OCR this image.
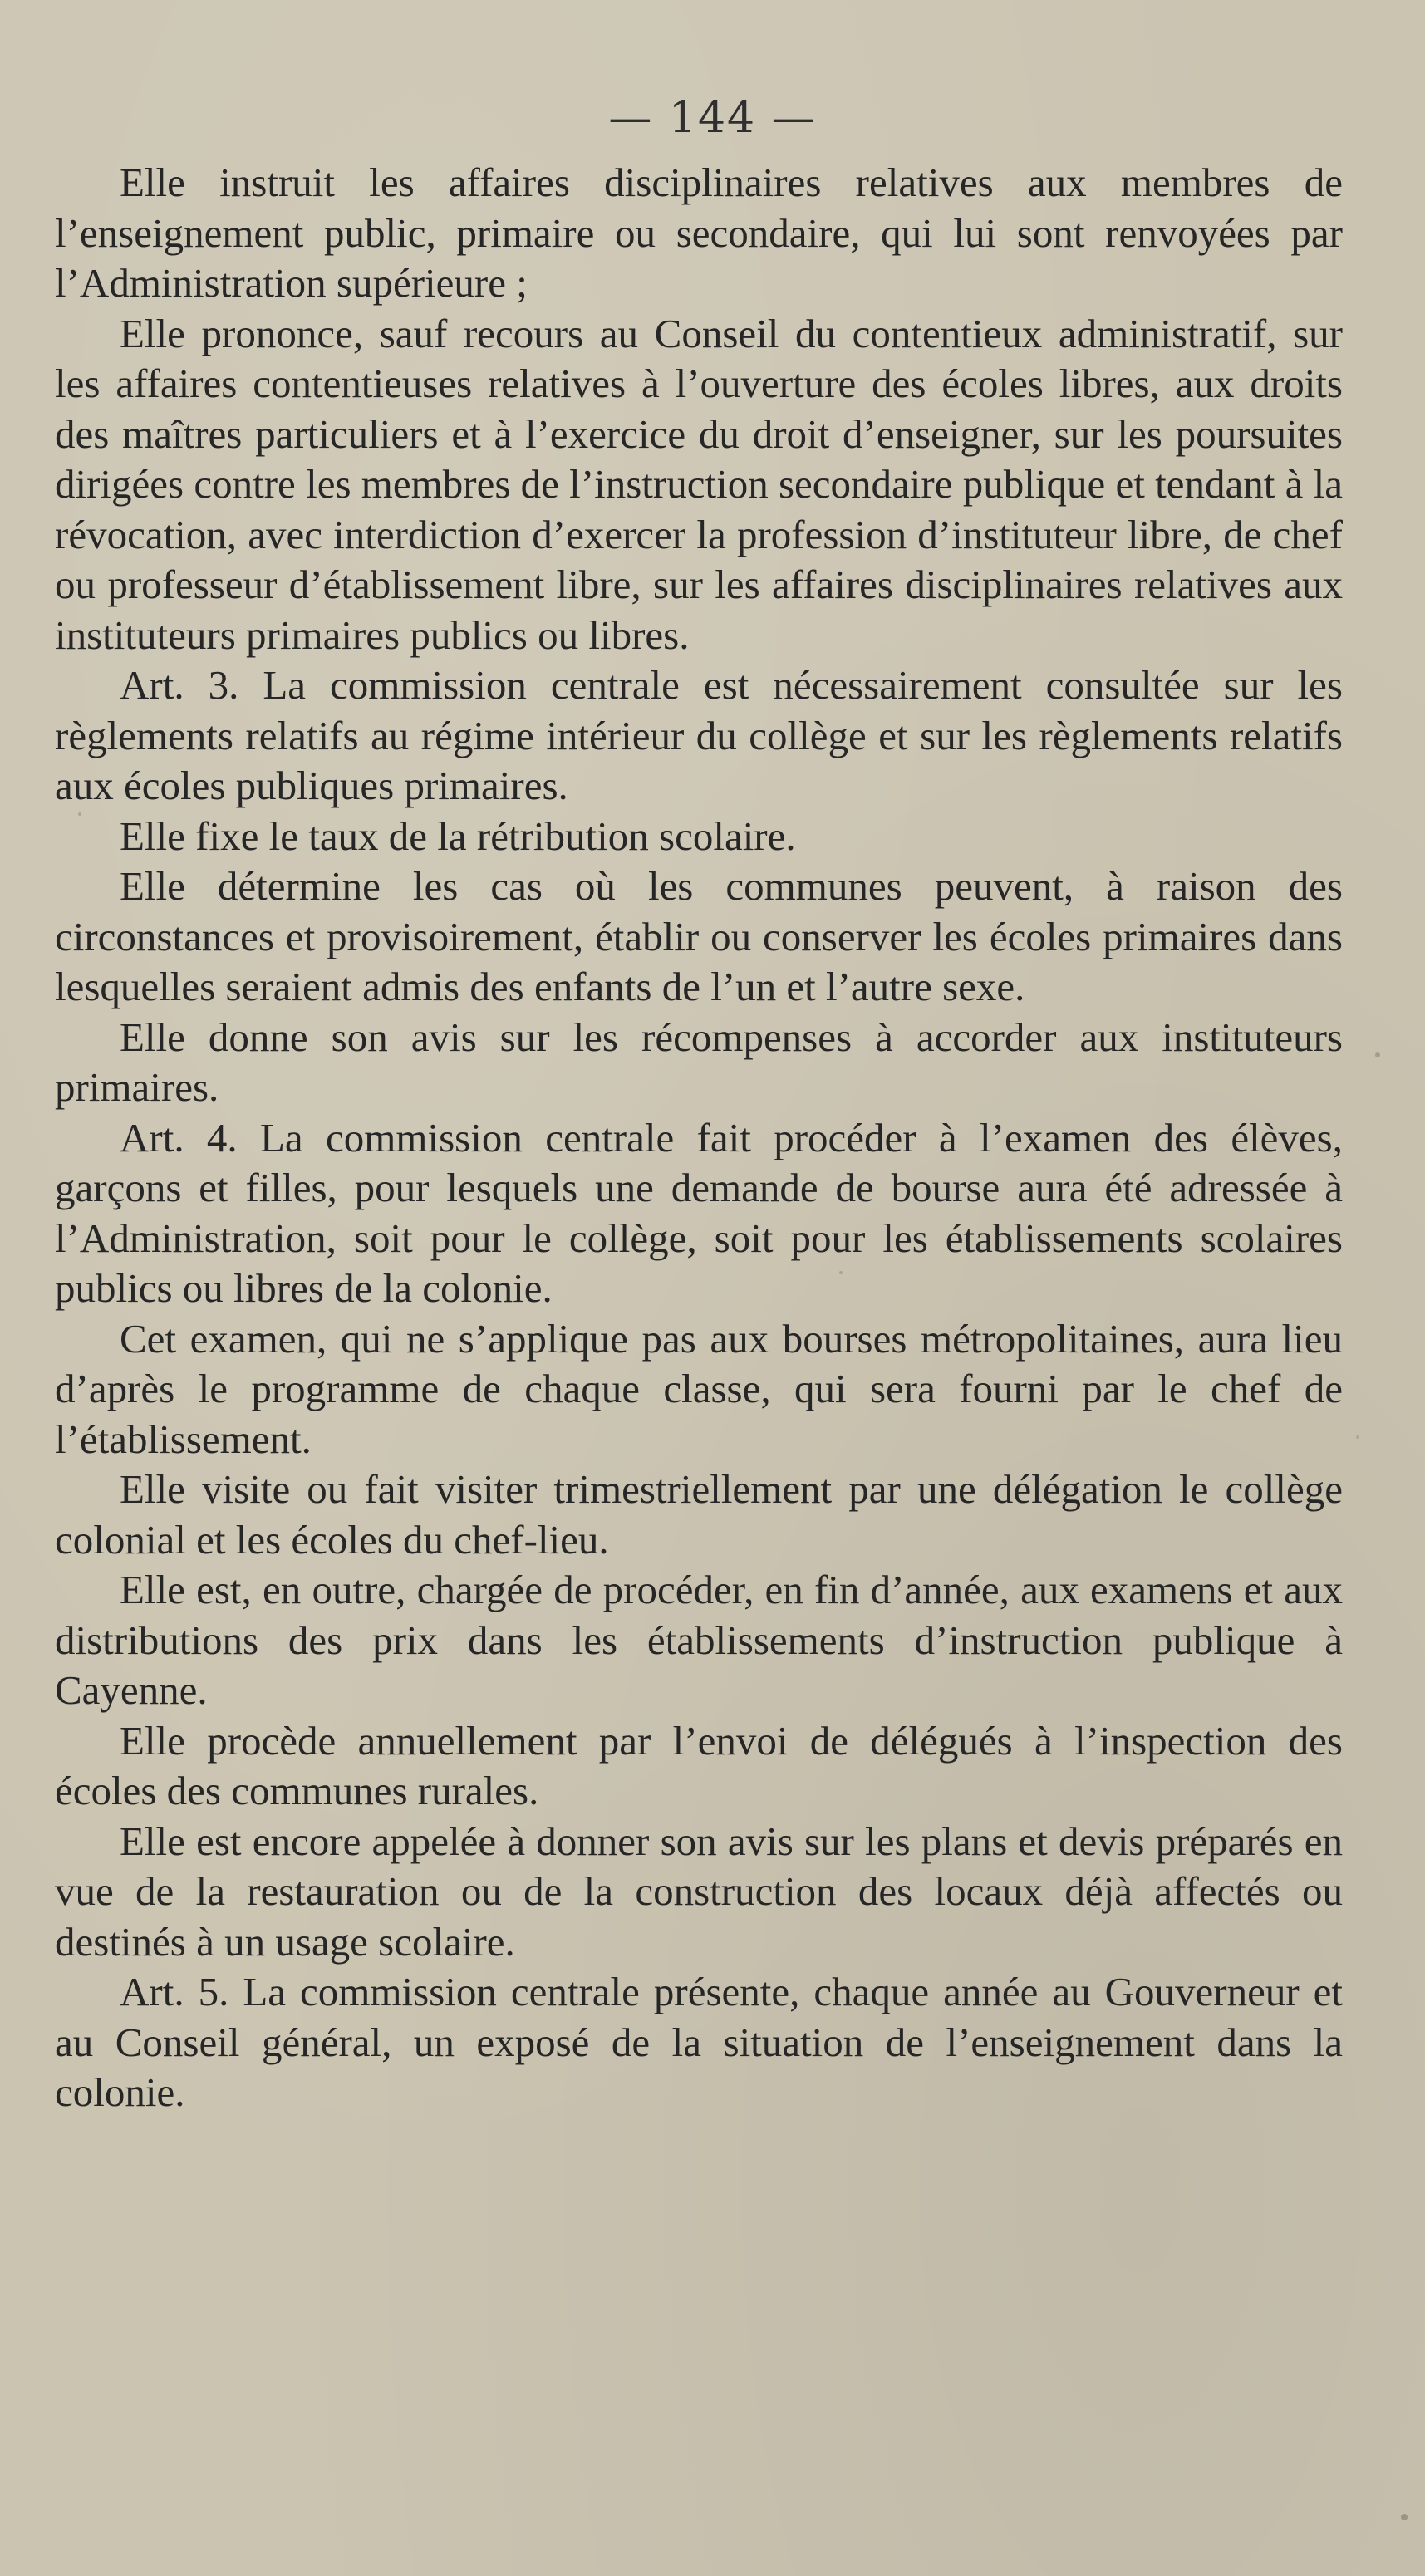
— 144 —

Elle instruit les affaires disciplinaires relatives aux membres de l’enseignement public, primaire ou secondaire, qui lui sont renvoyées par l’Administration supérieure ;

Elle prononce, sauf recours au Conseil du contentieux administratif, sur les affaires contentieuses relatives à l’ouverture des écoles libres, aux droits des maîtres particuliers et à l’exercice du droit d’enseigner, sur les poursuites dirigées contre les membres de l’instruction secondaire publique et tendant à la révocation, avec interdiction d’exercer la profession d’instituteur libre, de chef ou professeur d’établissement libre, sur les affaires disciplinaires relatives aux instituteurs primaires publics ou libres.

Art. 3. La commission centrale est nécessairement consultée sur les règlements relatifs au régime intérieur du collège et sur les règlements relatifs aux écoles publiques primaires.

Elle fixe le taux de la rétribution scolaire.

Elle détermine les cas où les communes peuvent, à raison des circonstances et provisoirement, établir ou conserver les écoles primaires dans lesquelles seraient admis des enfants de l’un et l’autre sexe.

Elle donne son avis sur les récompenses à accorder aux instituteurs primaires.

Art. 4. La commission centrale fait procéder à l’examen des élèves, garçons et filles, pour lesquels une demande de bourse aura été adressée à l’Administration, soit pour le collège, soit pour les établissements scolaires publics ou libres de la colonie.

Cet examen, qui ne s’applique pas aux bourses métropolitaines, aura lieu d’après le programme de chaque classe, qui sera fourni par le chef de l’établissement.

Elle visite ou fait visiter trimestriellement par une délégation le collège colonial et les écoles du chef-lieu.

Elle est, en outre, chargée de procéder, en fin d’année, aux examens et aux distributions des prix dans les établissements d’instruction publique à Cayenne.

Elle procède annuellement par l’envoi de délégués à l’inspection des écoles des communes rurales.

Elle est encore appelée à donner son avis sur les plans et devis préparés en vue de la restauration ou de la construction des locaux déjà affectés ou destinés à un usage scolaire.

Art. 5. La commission centrale présente, chaque année au Gouverneur et au Conseil général, un exposé de la situation de l’enseignement dans la colonie.
